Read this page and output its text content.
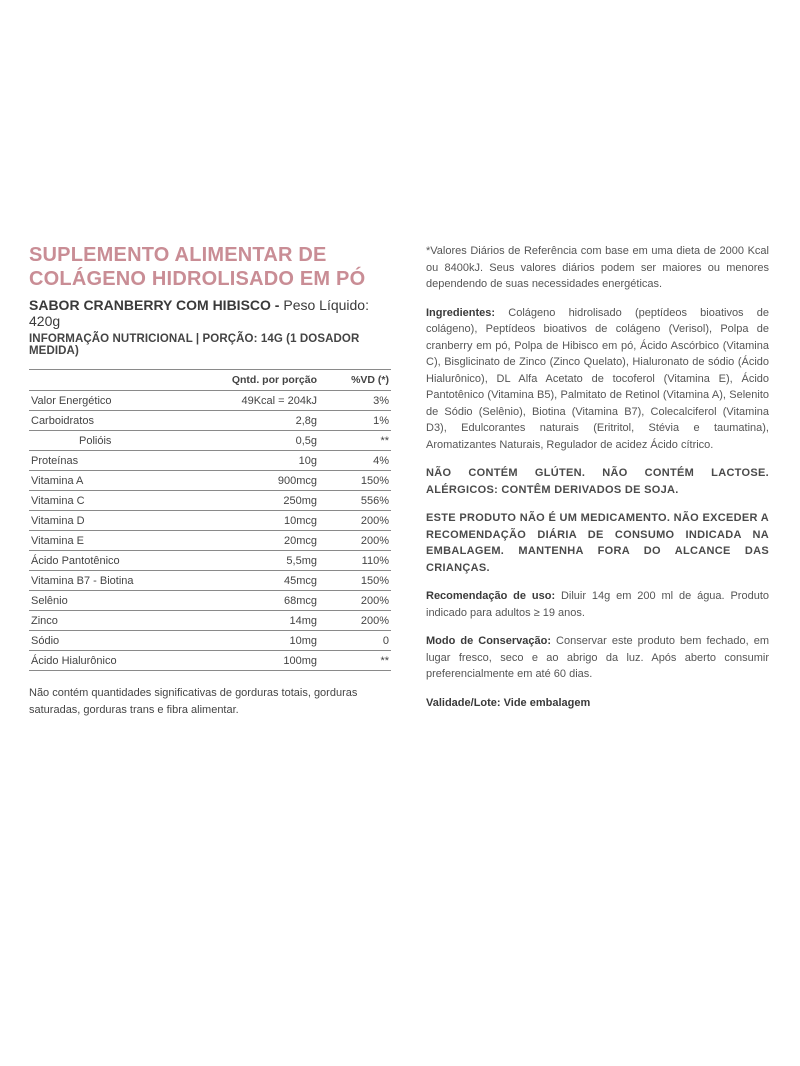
SUPLEMENTO ALIMENTAR DE
COLÁGENO HIDROLISADO EM PÓ
SABOR CRANBERRY COM HIBISCO - Peso Líquido: 420g
INFORMAÇÃO NUTRICIONAL | PORÇÃO: 14G (1 DOSADOR MEDIDA)
	Qntd. por porção	%VD (*)
Valor Energético	49Kcal = 204kJ	3%
Carboidratos	2,8g	1%
Polióis	0,5g	**
Proteínas	10g	4%
Vitamina A	900mcg	150%
Vitamina C	250mg	556%
Vitamina D	10mcg	200%
Vitamina E	20mcg	200%
Ácido Pantotênico	5,5mg	110%
Vitamina B7 - Biotina	45mcg	150%
Selênio	68mcg	200%
Zinco	14mg	200%
Sódio	10mg	0
Ácido Hialurônico	100mg	**
Não contém quantidades significativas de gorduras totais, gorduras saturadas, gorduras trans e fibra alimentar.

*Valores Diários de Referência com base em uma dieta de 2000 Kcal ou 8400kJ. Seus valores diários podem ser maiores ou menores dependendo de suas necessidades energéticas.

Ingredientes: Colágeno hidrolisado (peptídeos bioativos de colágeno), Peptídeos bioativos de colágeno (Verisol), Polpa de cranberry em pó, Polpa de Hibisco em pó, Ácido Ascórbico (Vitamina C), Bisglicinato de Zinco (Zinco Quelato), Hialuronato de sódio (Ácido Hialurônico), DL Alfa Acetato de tocoferol (Vitamina E), Ácido Pantotênico (Vitamina B5), Palmitato de Retinol (Vitamina A), Selenito de Sódio (Selênio), Biotina (Vitamina B7), Colecalciferol (Vitamina D3), Edulcorantes naturais (Eritritol, Stévia e taumatina), Aromatizantes Naturais, Regulador de acidez Ácido cítrico.

NÃO CONTÉM GLÚTEN. NÃO CONTÉM LACTOSE. ALÉRGICOS: CONTÊM DERIVADOS DE SOJA.

ESTE PRODUTO NÃO É UM MEDICAMENTO. NÃO EXCEDER A RECOMENDAÇÃO DIÁRIA DE CONSUMO INDICADA NA EMBALAGEM. MANTENHA FORA DO ALCANCE DAS CRIANÇAS.

Recomendação de uso: Diluir 14g em 200 ml de água. Produto indicado para adultos ≥ 19 anos.

Modo de Conservação: Conservar este produto bem fechado, em lugar fresco, seco e ao abrigo da luz. Após aberto consumir preferencialmente em até 60 dias.

Validade/Lote: Vide embalagem
